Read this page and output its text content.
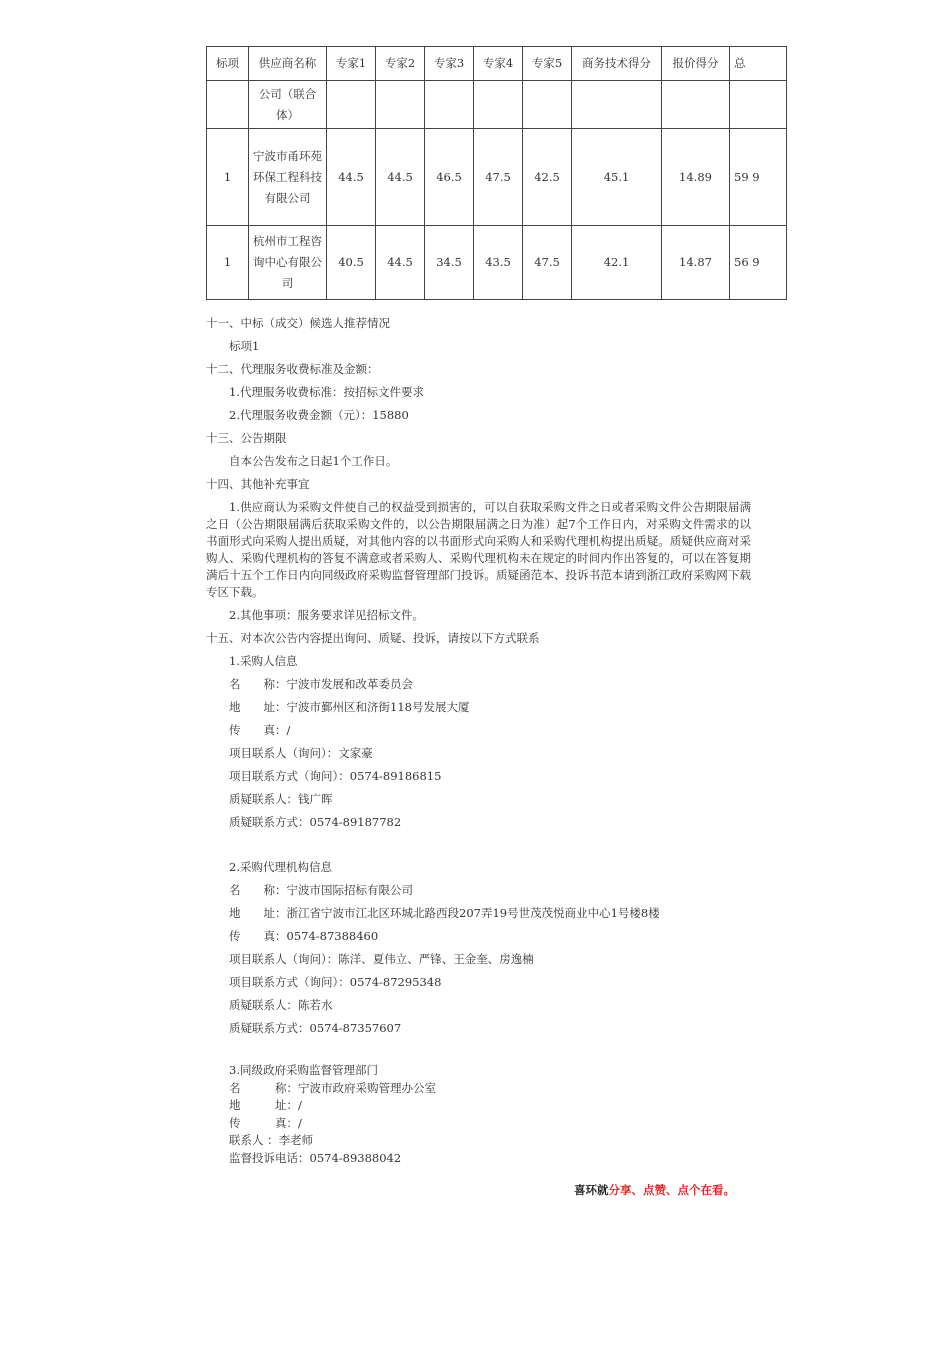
标项	供应商名称	专家1	专家2	专家3	专家4	专家5	商务技术得分	报价得分	总
	公司（联合体）								
1	宁波市甬环苑环保工程科技有限公司	44.5	44.5	46.5	47.5	42.5	45.1	14.89	59 9
1	杭州市工程咨询中心有限公司	40.5	44.5	34.5	43.5	47.5	42.1	14.87	56 9
十一、中标（成交）候选人推荐情况
标项1
十二、代理服务收费标准及金额：
1.代理服务收费标准：按招标文件要求
2.代理服务收费金额（元）：15880
十三、公告期限
自本公告发布之日起1个工作日。
十四、其他补充事宜
1.供应商认为采购文件使自己的权益受到损害的，可以自获取采购文件之日或者采购文件公告期限届满之日（公告期限届满后获取采购文件的，以公告期限届满之日为准）起7个工作日内，对采购文件需求的以书面形式向采购人提出质疑，对其他内容的以书面形式向采购人和采购代理机构提出质疑。质疑供应商对采购人、采购代理机构的答复不满意或者采购人、采购代理机构未在规定的时间内作出答复的，可以在答复期满后十五个工作日内向同级政府采购监督管理部门投诉。质疑函范本、投诉书范本请到浙江政府采购网下载专区下载。
2.其他事项：服务要求详见招标文件。
十五、对本次公告内容提出询问、质疑、投诉，请按以下方式联系
1.采购人信息
名　　称：宁波市发展和改革委员会
地　　址：宁波市鄞州区和济街118号发展大厦
传　　真：/
项目联系人（询问）：文家豪
项目联系方式（询问）：0574-89186815
质疑联系人：钱广晖
质疑联系方式：0574-89187782
2.采购代理机构信息
名　　称：宁波市国际招标有限公司
地　　址：浙江省宁波市江北区环城北路西段207弄19号世茂茂悦商业中心1号楼8楼
传　　真：0574-87388460
项目联系人（询问）：陈洋、夏伟立、严锋、王金奎、房逸楠
项目联系方式（询问）：0574-87295348
质疑联系人：陈若水
质疑联系方式：0574-87357607
3.同级政府采购监督管理部门
名　　　称：宁波市政府采购管理办公室
地　　　址：/
传　　　真：/
联系人 ：李老师
监督投诉电话：0574-89388042
喜环就分享、点赞、点个在看。
